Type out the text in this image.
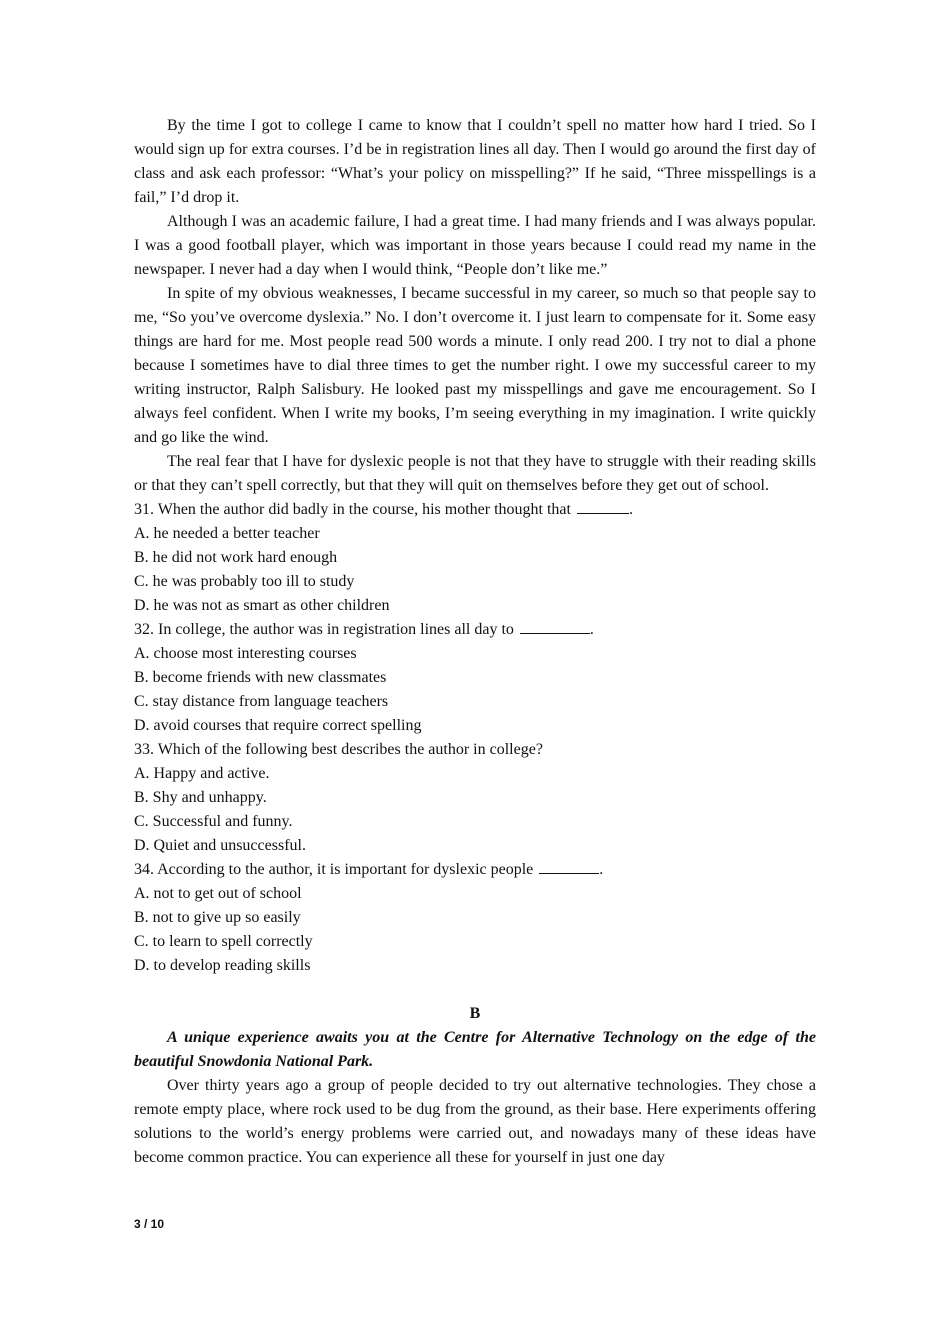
By the time I got to college I came to know that I couldn’t spell no matter how hard I tried. So I would sign up for extra courses. I’d be in registration lines all day. Then I would go around the first day of class and ask each professor: “What’s your policy on misspelling?” If he said, “Three misspellings is a fail,” I’d drop it.

Although I was an academic failure, I had a great time. I had many friends and I was always popular. I was a good football player, which was important in those years because I could read my name in the newspaper. I never had a day when I would think, “People don’t like me.”

In spite of my obvious weaknesses, I became successful in my career, so much so that people say to me, “So you’ve overcome dyslexia.” No. I don’t overcome it. I just learn to compensate for it. Some easy things are hard for me. Most people read 500 words a minute. I only read 200. I try not to dial a phone because I sometimes have to dial three times to get the number right. I owe my successful career to my writing instructor, Ralph Salisbury. He looked past my misspellings and gave me encouragement. So I always feel confident. When I write my books, I’m seeing everything in my imagination. I write quickly and go like the wind.

The real fear that I have for dyslexic people is not that they have to struggle with their reading skills or that they can’t spell correctly, but that they will quit on themselves before they get out of school.

31. When the author did badly in the course, his mother thought that	.

A. he needed a better teacher

B. he did not work hard enough

C. he was probably too ill to study

D. he was not as smart as other children

32. In college, the author was in registration lines all day to	.

A. choose most interesting courses

B. become friends with new classmates

C. stay distance from language teachers

D. avoid courses that require correct spelling

33. Which of the following best describes the author in college?

A. Happy and active.

B. Shy and unhappy.

C. Successful and funny.

D. Quiet and unsuccessful.

34. According to the author, it is important for dyslexic people	.

A. not to get out of school

B. not to give up so easily

C. to learn to spell correctly

D. to develop reading skills

B

A unique experience awaits you at the Centre for Alternative Technology on the edge of the beautiful Snowdonia National Park.

Over thirty years ago a group of people decided to try out alternative technologies. They chose a remote empty place, where rock used to be dug from the ground, as their base. Here experiments offering solutions to the world’s energy problems were carried out, and nowadays many of these ideas have become common practice. You can experience all these for yourself in just one day

3 / 10
